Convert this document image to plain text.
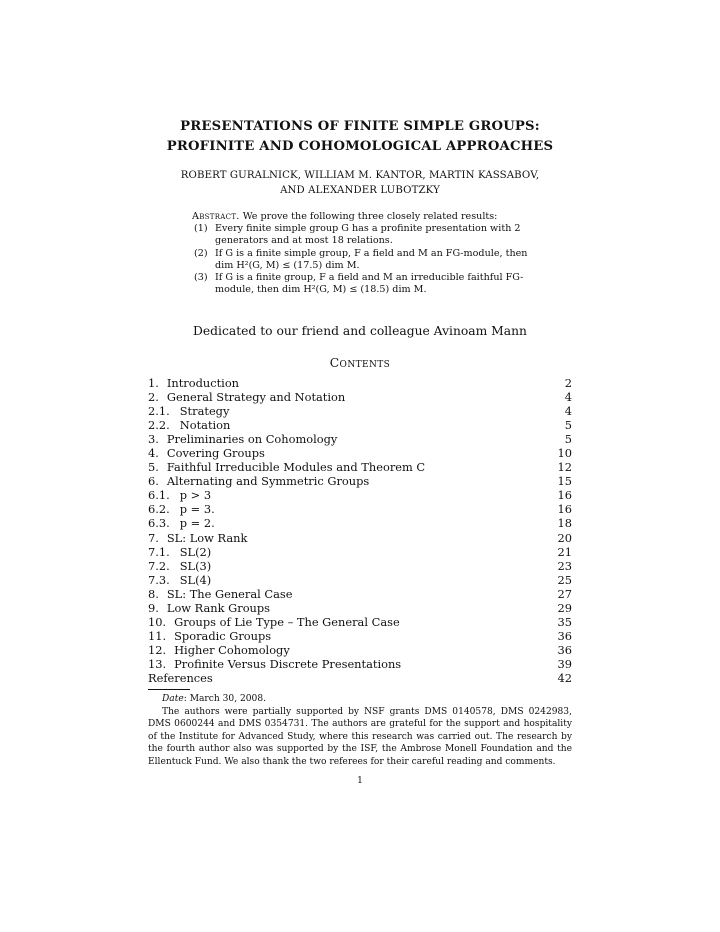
PRESENTATIONS OF FINITE SIMPLE GROUPS:
PROFINITE AND COHOMOLOGICAL APPROACHES
ROBERT GURALNICK, WILLIAM M. KANTOR, MARTIN KASSABOV,
AND ALEXANDER LUBOTZKY
Abstract. We prove the following three closely related results:
(1) Every finite simple group G has a profinite presentation with 2 generators and at most 18 relations.
(2) If G is a finite simple group, F a field and M an FG-module, then dim H²(G, M) ≤ (17.5) dim M.
(3) If G is a finite group, F a field and M an irreducible faithful FG-module, then dim H²(G, M) ≤ (18.5) dim M.
Dedicated to our friend and colleague Avinoam Mann
Contents
1. Introduction	2
2. General Strategy and Notation	4
2.1. Strategy	4
2.2. Notation	5
3. Preliminaries on Cohomology	5
4. Covering Groups	10
5. Faithful Irreducible Modules and Theorem C	12
6. Alternating and Symmetric Groups	15
6.1. p > 3	16
6.2. p = 3.	16
6.3. p = 2.	18
7. SL: Low Rank	20
7.1. SL(2)	21
7.2. SL(3)	23
7.3. SL(4)	25
8. SL: The General Case	27
9. Low Rank Groups	29
10. Groups of Lie Type – The General Case	35
11. Sporadic Groups	36
12. Higher Cohomology	36
13. Profinite Versus Discrete Presentations	39
References	42

Date: March 30, 2008.

The authors were partially supported by NSF grants DMS 0140578, DMS 0242983, DMS 0600244 and DMS 0354731. The authors are grateful for the support and hospitality of the Institute for Advanced Study, where this research was carried out. The research by the fourth author also was supported by the ISF, the Ambrose Monell Foundation and the Ellentuck Fund. We also thank the two referees for their careful reading and comments.

1
